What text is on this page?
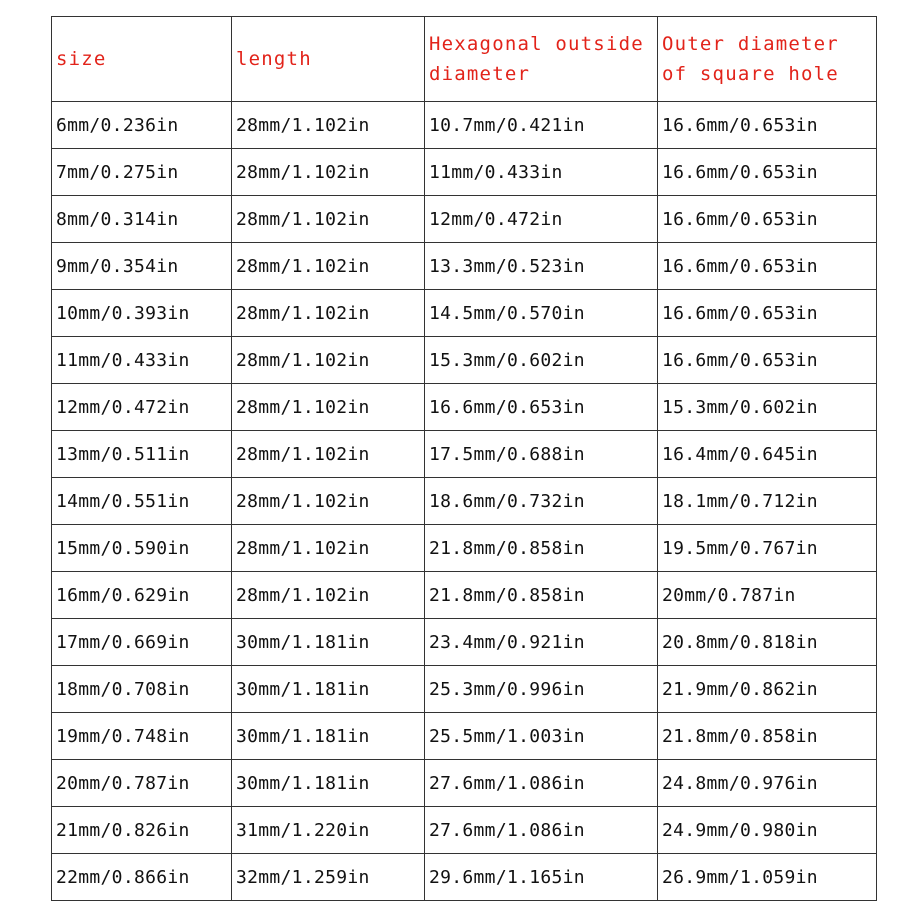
size	length	Hexagonal outside diameter	Outer diameter of square hole
6mm/0.236in	28mm/1.102in	10.7mm/0.421in	16.6mm/0.653in
7mm/0.275in	28mm/1.102in	11mm/0.433in	16.6mm/0.653in
8mm/0.314in	28mm/1.102in	12mm/0.472in	16.6mm/0.653in
9mm/0.354in	28mm/1.102in	13.3mm/0.523in	16.6mm/0.653in
10mm/0.393in	28mm/1.102in	14.5mm/0.570in	16.6mm/0.653in
11mm/0.433in	28mm/1.102in	15.3mm/0.602in	16.6mm/0.653in
12mm/0.472in	28mm/1.102in	16.6mm/0.653in	15.3mm/0.602in
13mm/0.511in	28mm/1.102in	17.5mm/0.688in	16.4mm/0.645in
14mm/0.551in	28mm/1.102in	18.6mm/0.732in	18.1mm/0.712in
15mm/0.590in	28mm/1.102in	21.8mm/0.858in	19.5mm/0.767in
16mm/0.629in	28mm/1.102in	21.8mm/0.858in	20mm/0.787in
17mm/0.669in	30mm/1.181in	23.4mm/0.921in	20.8mm/0.818in
18mm/0.708in	30mm/1.181in	25.3mm/0.996in	21.9mm/0.862in
19mm/0.748in	30mm/1.181in	25.5mm/1.003in	21.8mm/0.858in
20mm/0.787in	30mm/1.181in	27.6mm/1.086in	24.8mm/0.976in
21mm/0.826in	31mm/1.220in	27.6mm/1.086in	24.9mm/0.980in
22mm/0.866in	32mm/1.259in	29.6mm/1.165in	26.9mm/1.059in
